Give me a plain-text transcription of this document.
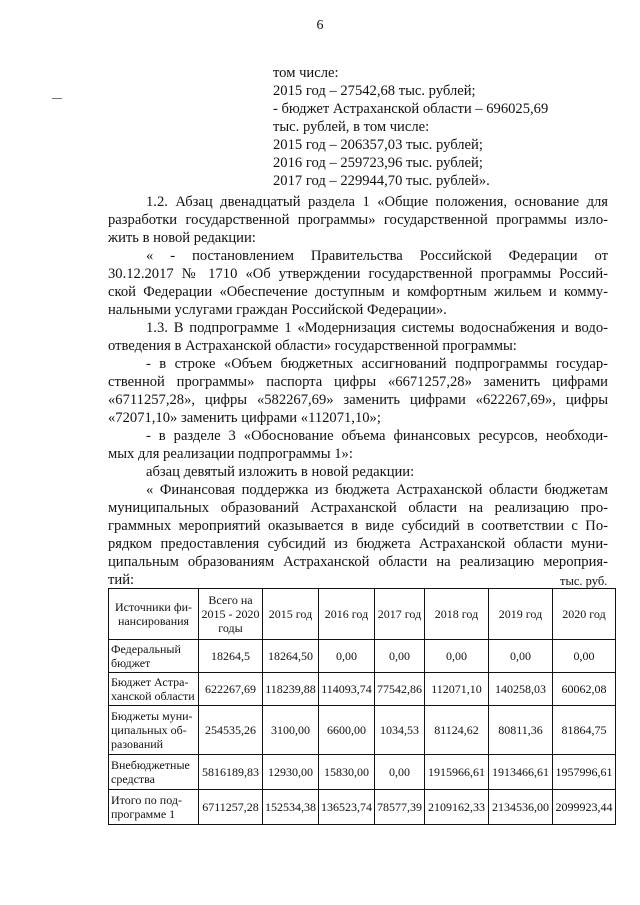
6
том числе:
2015 год – 27542,68 тыс. рублей;
- бюджет Астраханской области – 696025,69
тыс. рублей, в том числе:
2015 год – 206357,03 тыс. рублей;
2016 год – 259723,96 тыс. рублей;
2017 год – 229944,70 тыс. рублей».
1.2. Абзац двенадцатый раздела 1 «Общие положения, основание для
разработки государственной программы» государственной программы изло-
жить в новой редакции:
« - постановлением Правительства Российской Федерации от
30.12.2017 № 1710 «Об утверждении государственной программы Россий-
ской Федерации «Обеспечение доступным и комфортным жильем и комму-
нальными услугами граждан Российской Федерации».
1.3. В подпрограмме 1 «Модернизация системы водоснабжения и водо-
отведения в Астраханской области» государственной программы:
- в строке «Объем бюджетных ассигнований подпрограммы государ-
ственной программы» паспорта цифры «6671257,28» заменить цифрами
«6711257,28», цифры «582267,69» заменить цифрами «622267,69», цифры
«72071,10» заменить цифрами «112071,10»;
- в разделе 3 «Обоснование объема финансовых ресурсов, необходи-
мых для реализации подпрограммы 1»:
абзац девятый изложить в новой редакции:
« Финансовая поддержка из бюджета Астраханской области бюджетам
муниципальных образований Астраханской области на реализацию про-
граммных мероприятий оказывается в виде субсидий в соответствии с По-
рядком предоставления субсидий из бюджета Астраханской области муни-
ципальным образованиям Астраханской области на реализацию мероприя-
тий:	тыс. руб.
Источники фи-нансирования	Всего на 2015 - 2020 годы	2015 год	2016 год	2017 год	2018 год	2019 год	2020 год
Федеральный бюджет	18264,5	18264,50	0,00	0,00	0,00	0,00	0,00
Бюджет Астра-ханской области	622267,69	118239,88	114093,74	77542,86	112071,10	140258,03	60062,08
Бюджеты муни-ципальных об-разований	254535,26	3100,00	6600,00	1034,53	81124,62	80811,36	81864,75
Внебюджетные средства	5816189,83	12930,00	15830,00	0,00	1915966,61	1913466,61	1957996,61
Итого по под-программе 1	6711257,28	152534,38	136523,74	78577,39	2109162,33	2134536,00	2099923,44
